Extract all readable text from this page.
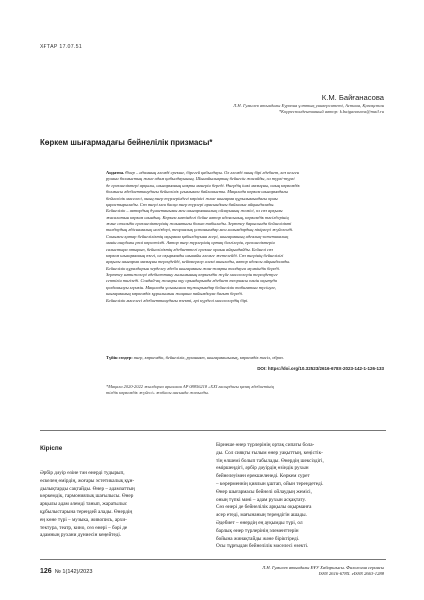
ХҒТАР 17.07.51
К.М. Байғанасова
Л.Н. Гумилев атындағы Еуразия ұлттық университеті, Астана, Қазақстан
*Корреспондентивный автор: k.baiganasova@mail.ru
Көркем шығармадағы бейнелілік призмасы*
Аңдатпа. Өнер – адамның әлемді ерекше, бірегей қабылдауы. Ол әлемді оның бірі әдебиет, кез келген
рухани болмыстың және адам қабылдауының. Шынайылықтың бейнесін жасайды, ол түрлі-түрлі
де ерекшеліктері арқылы, шығарманың нақты мәнерін береді. Өнердің ішкі мазмұны, оның көркемдік
болмысы әдебиеттанудағы бейнелілік ұғымымен байланысты. Мақалада көркем шығармадағы
бейнелілік мәселесі, оның өнер түрлеріндегі көрінісі және шығарма құрылымындағы орны
қарастырылады. Сөз өнері мен басқа өнер түрлері арасындағы байланыс айқындалады.
Бейнелілік – автордың дүниетанымы мен шығармашылық ойлауының жемісі, ол сөз арқылы
жасалатын көркем шындық. Көркем мәтіндегі бейне автор идеясының, көркемдік тәсілдерінің
және стильдік ерекшеліктерінің жиынтығы болып табылады. Зерттеу барысында бейнелілікті
талдаудың әдіснамалық негіздері, теориялық ұстанымдар мен ғалымдардың пікірлері жүйеленді.
Сонымен қатар бейнеліліктің оқырман қабылдауына әсері, шығарманың идеялық-эстетикалық
мәнін ашудағы рөлі көрсетілді. Автор өнер түрлерінің ортақ белгілерін, ерекшеліктерін
салыстыра отырып, бейнеліліктің әдебиеттегі ерекше орнын айқындайды. Бейнелі сөз
көркем шығарманың өзегі, ол оқырманды шынайы әлемге жетелейді. Сөз өнерінің бейнелілігі
арқылы шығарма мазмұны тереңдейді, кейіпкерлер әлемі ашылады, автор идеясы айқындалады.
Бейнелілік құралдарын зерделеу әдеби шығарманы жан-жақты талдауға мүмкіндік береді.
Зерттеу нәтижелері әдебиеттану ғылымының көркемдік жүйе мәселелерін тереңдетуге
септігін тигізеді. Сондай-ақ жоғары оқу орындарында әдебиет теориясы пәнін оқытуда
қолданылуы мүмкін. Мақалада ұсынылған тұжырымдар бейнелілік табиғатын түсінуге,
шығарманың көркемдік құрылымын жаңаша пайымдауға бағыт береді.
Бейнелілік мәселесі әдебиеттанудағы өзекті, әрі күрделі мәселелердің бірі.
Түйін сөздер: өнер, көркемдік, бейнелілік, руханият, шығармашылық, көркемдік тәсіл, образ.
DOI: https://doi.org/10.32523/2616-678X-2023-142-1-126-133
*Мақала 2020-2022 жылдарға арналған AP 08856218 «ХХІ ғасырдағы қазақ әдебиетінің
тілдік көркемдік жүйесі» жобасы аясында жазылды.
Кіріспе
Әрбір дәуір өзіне тән өнерді тудырып,
өскелең өмірдің, жоғары эстетикалық құн-
дылықтарды сақтайды. Өнер – адамзаттың
көркемдік, гармониялық шағылысы. Өнер
арқылы адам әлемді танып, жаратылыс
құбылыстарына тереңдей алады. Өнердің
ең көне түрі – музыка, живопись, архи-
тектура, театр, кино, сөз өнері – бәрі де
адамның рухани дүниесін кеңейтеді.
Бірнеше өнер түрлерінің ортақ сипаты бола-
ды. Сол сияқты ғылым өнер уақыттың, кеңістік-
тің өлшемі болып табылады. Өнердің шексіздігі,
өміршеңдігі, әрбір дәуірдің өзіндік рухын
бейнелеуімен ерекшеленеді. Көркем сурет
– көрерменнің қиялын ұштап, ойын тереңдетеді.
Өнер шығармасы бейнелі ойлаудың жемісі,
оның түпкі мәні – адам рухын асқақтату.
Сөз өнері де бейнелілік арқылы оқырманға
әсер етеді, мағынаның тереңдігін ашады.
Әдебиет – өнердің ең ауқымды түрі, ол
барлық өнер түрлерінің элементтерін
бойына жинақтайды және біріктіреді.
Осы тұрғыдан бейнелілік мәселесі өзекті.
126 № 1(142)/2023
Л.Н. Гумилев атындағы ЕҰУ Хабаршысы. Филология сериясы
ISSN 2616-678X. eISSN 2663-1288
